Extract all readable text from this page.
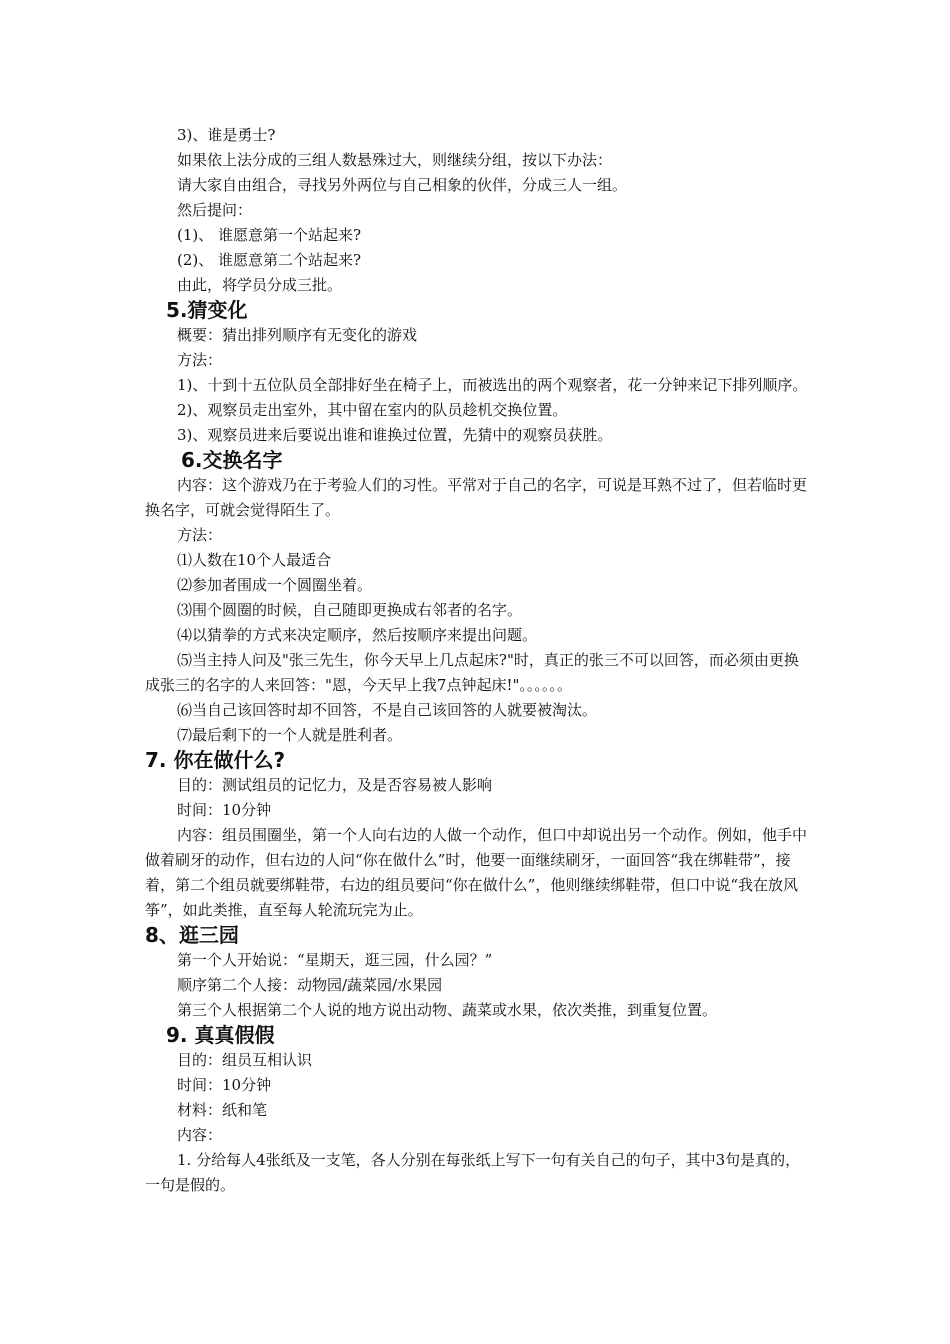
3)、谁是勇士?
如果依上法分成的三组人数悬殊过大，则继续分组，按以下办法：
请大家自由组合，寻找另外两位与自己相象的伙伴，分成三人一组。
然后提问：
(1)、 谁愿意第一个站起来?
(2)、 谁愿意第二个站起来?
由此，将学员分成三批。
5.猜变化
概要：猜出排列顺序有无变化的游戏
方法：
1)、十到十五位队员全部排好坐在椅子上，而被选出的两个观察者，花一分钟来记下排列顺序。
2)、观察员走出室外，其中留在室内的队员趁机交换位置。
3)、观察员进来后要说出谁和谁换过位置，先猜中的观察员获胜。
6.交换名字
内容：这个游戏乃在于考验人们的习性。平常对于自己的名字，可说是耳熟不过了，但若临时更换名字，可就会觉得陌生了。
方法：
⑴人数在10个人最适合
⑵参加者围成一个圆圈坐着。
⑶围个圆圈的时候，自己随即更换成右邻者的名字。
⑷以猜拳的方式来决定顺序，然后按顺序来提出问题。
⑸当主持人问及"张三先生，你今天早上几点起床?"时，真正的张三不可以回答，而必须由更换成张三的名字的人来回答："恩，今天早上我7点钟起床!"。。。。。。
⑹当自己该回答时却不回答，不是自己该回答的人就要被淘汰。
⑺最后剩下的一个人就是胜利者。
7. 你在做什么?
目的：测试组员的记忆力，及是否容易被人影响
时间：10分钟
内容：组员围圈坐，第一个人向右边的人做一个动作，但口中却说出另一个动作。例如，他手中做着刷牙的动作，但右边的人问“你在做什么”时，他要一面继续刷牙，一面回答“我在绑鞋带”，接着，第二个组员就要绑鞋带，右边的组员要问“你在做什么”，他则继续绑鞋带，但口中说“我在放风筝”，如此类推，直至每人轮流玩完为止。
8、逛三园
第一个人开始说：“星期天，逛三园，什么园？”
顺序第二个人接：动物园/蔬菜园/水果园
第三个人根据第二个人说的地方说出动物、蔬菜或水果，依次类推，到重复位置。
9. 真真假假
目的：组员互相认识
时间：10分钟
材料：纸和笔
内容：
1. 分给每人4张纸及一支笔，各人分别在每张纸上写下一句有关自己的句子，其中3句是真的，一句是假的。
